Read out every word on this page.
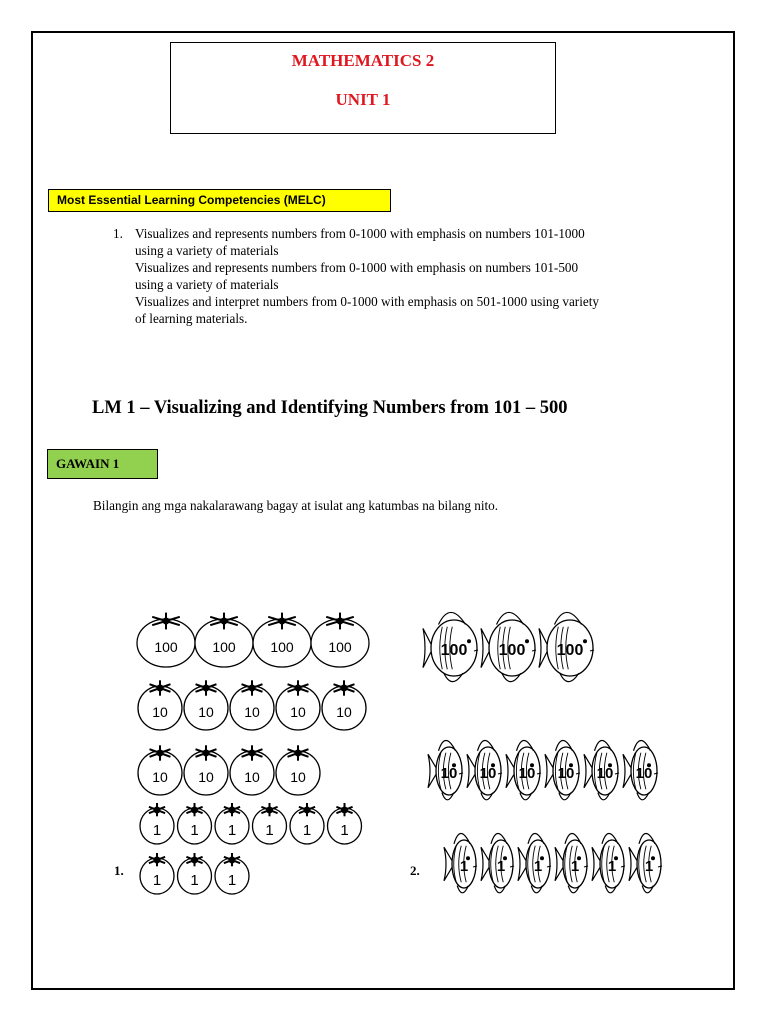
MATHEMATICS 2
UNIT 1
Most Essential Learning Competencies (MELC)
1. Visualizes and represents numbers from 0-1000 with emphasis on numbers 101-1000
using a variety of materials
Visualizes and represents numbers from 0-1000 with emphasis on numbers 101-500
using a variety of materials
Visualizes and interpret numbers from 0-1000 with emphasis on 501-1000 using variety
of learning materials.
LM 1 – Visualizing and Identifying Numbers from 101 – 500
GAWAIN 1
Bilangin ang mga nakalarawang bagay at isulat ang katumbas na bilang nito.
1.	2.
100 100 100 100
10 10 10 10 10
10 10 10 10
1 1 1 1 1 1
1 1 1
100 100 100
10 10 10 10 10 10
1 1 1 1 1 1
